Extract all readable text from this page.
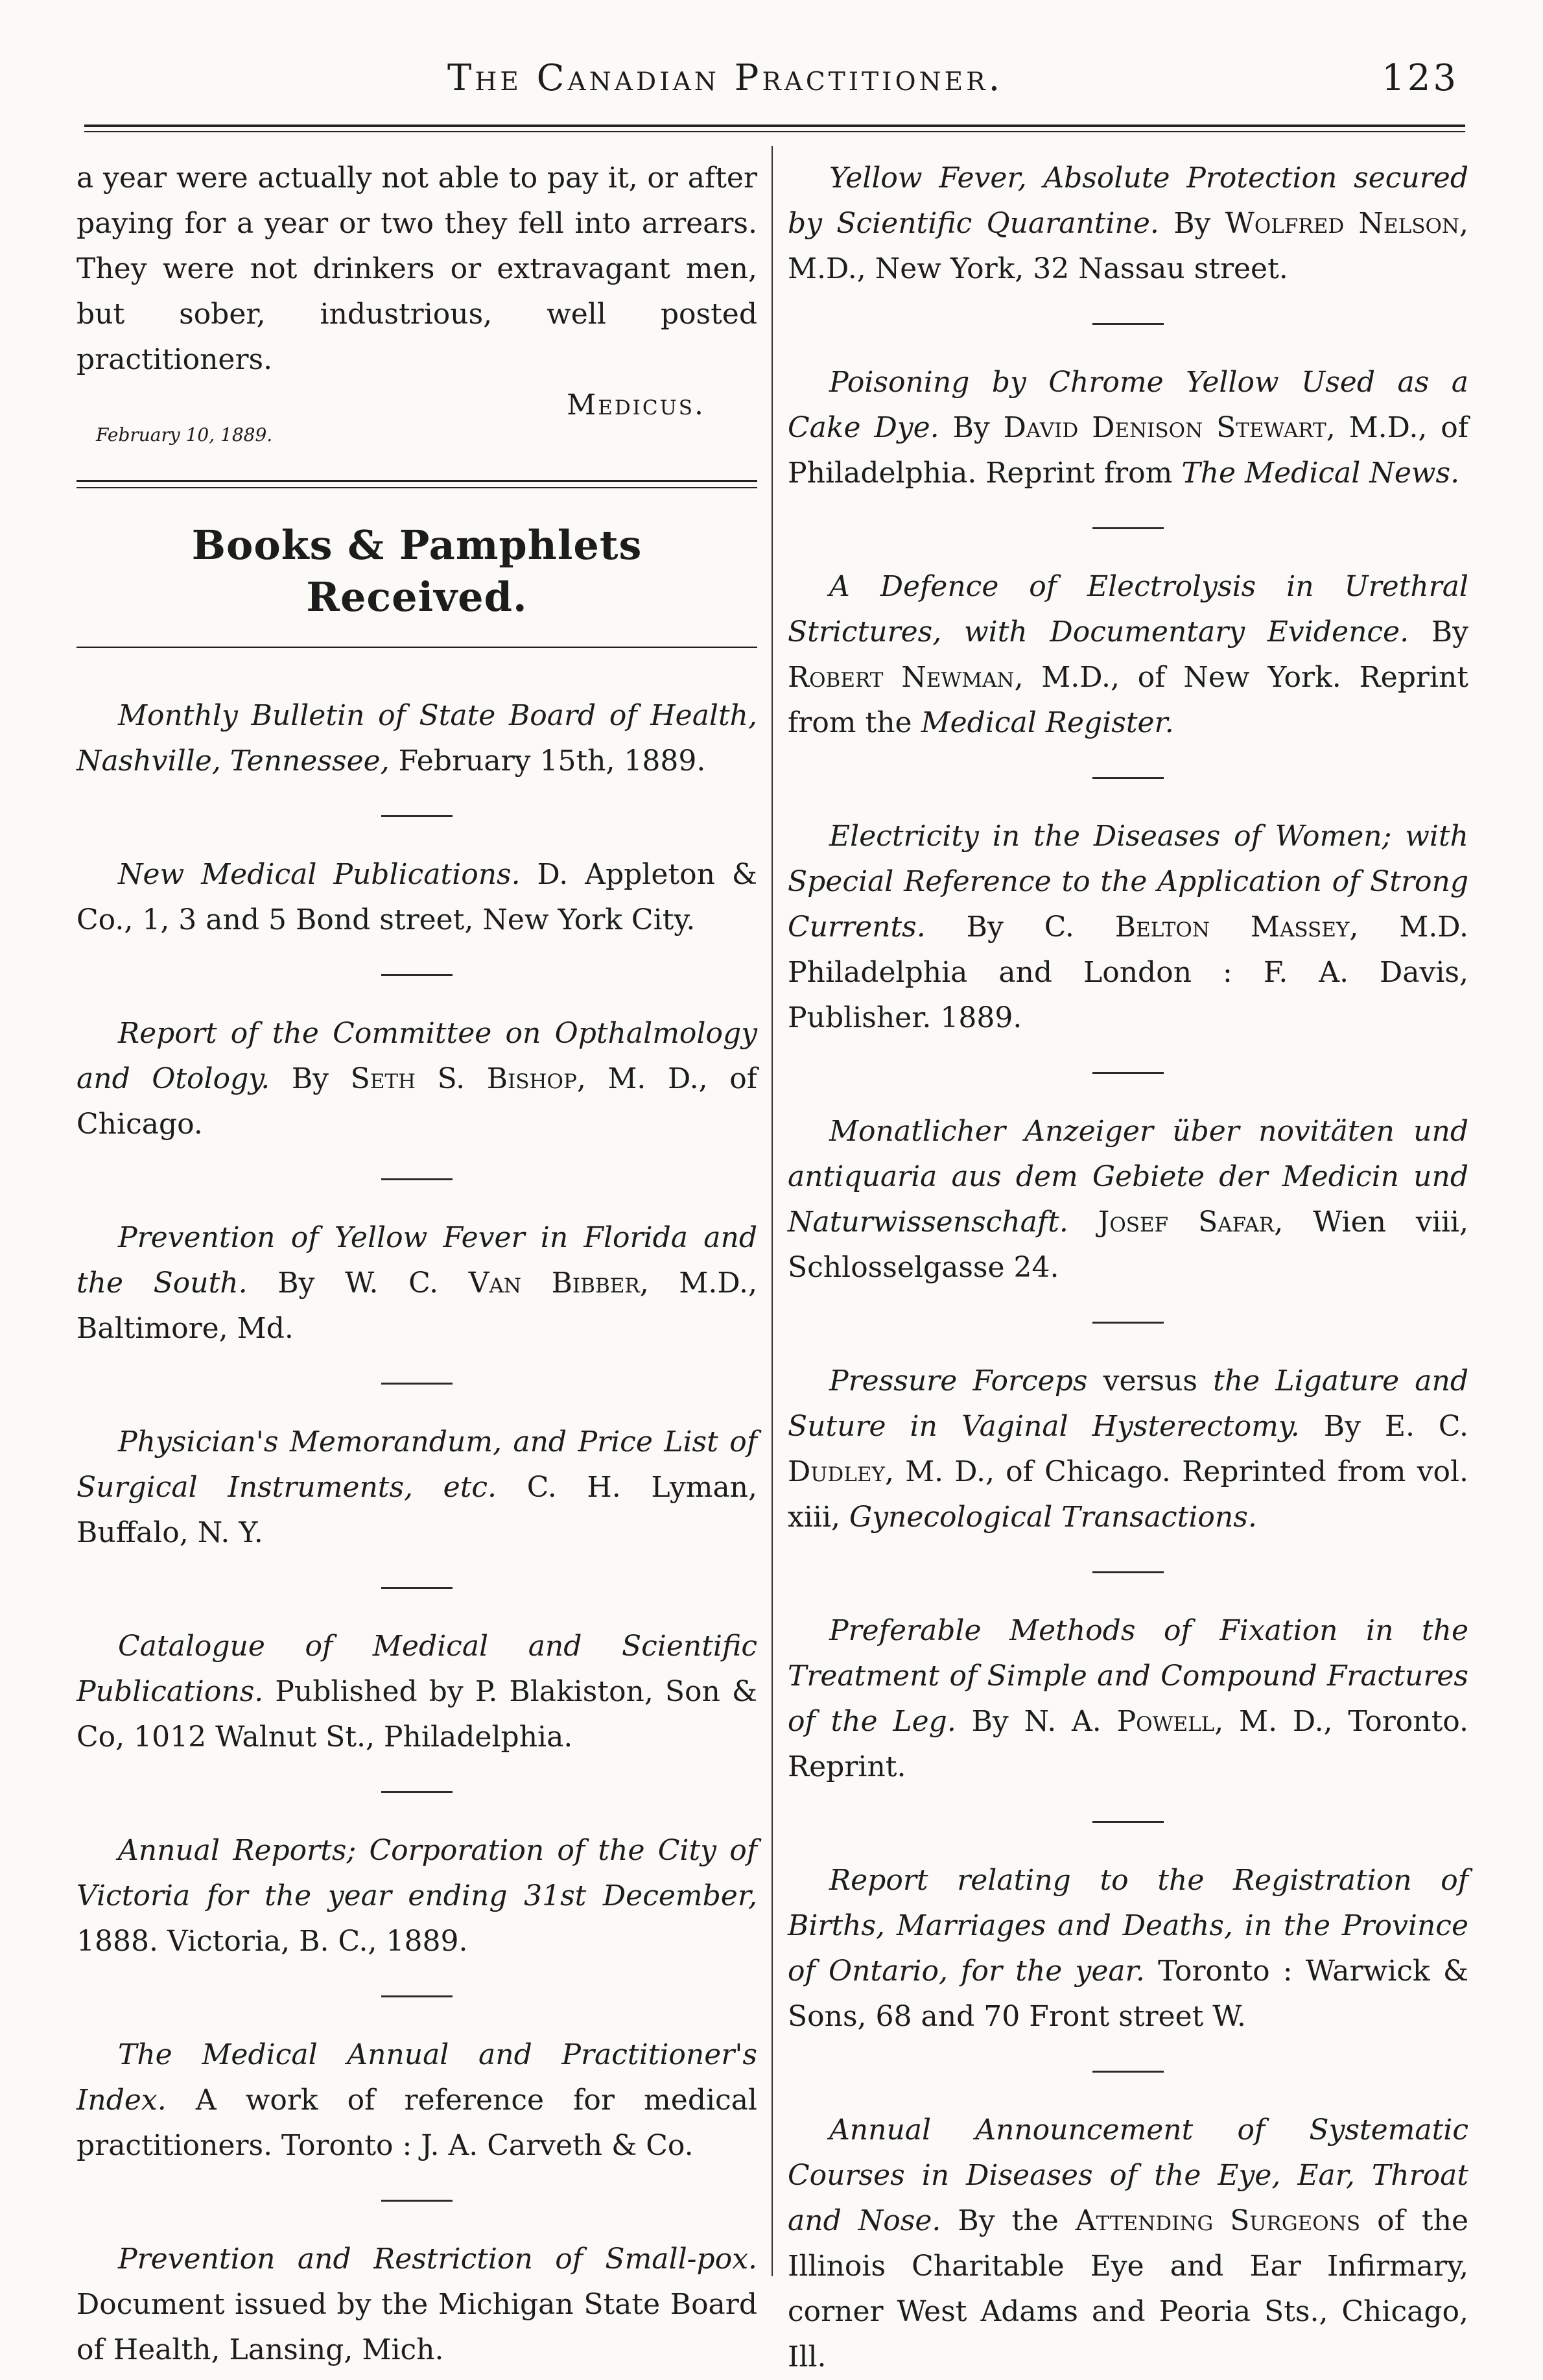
The Canadian Practitioner.	123

a year were actually not able to pay it, or after paying for a year or two they fell into arrears. They were not drinkers or extravagant men, but sober, industrious, well posted practitioners.

Medicus.

February 10, 1889.

Books & Pamphlets Received.

Monthly Bulletin of State Board of Health, Nashville, Tennessee, February 15th, 1889.

New Medical Publications. D. Appleton & Co., 1, 3 and 5 Bond street, New York City.

Report of the Committee on Opthalmology and Otology. By Seth S. Bishop, M. D., of Chicago.

Prevention of Yellow Fever in Florida and the South. By W. C. Van Bibber, M.D., Baltimore, Md.

Physician's Memorandum, and Price List of Surgical Instruments, etc. C. H. Lyman, Buffalo, N. Y.

Catalogue of Medical and Scientific Publications. Published by P. Blakiston, Son & Co, 1012 Walnut St., Philadelphia.

Annual Reports; Corporation of the City of Victoria for the year ending 31st December, 1888. Victoria, B. C., 1889.

The Medical Annual and Practitioner's Index. A work of reference for medical practitioners. Toronto : J. A. Carveth & Co.

Prevention and Restriction of Small-pox. Document issued by the Michigan State Board of Health, Lansing, Mich.

Yellow Fever, Absolute Protection secured by Scientific Quarantine. By Wolfred Nelson, M.D., New York, 32 Nassau street.

Poisoning by Chrome Yellow Used as a Cake Dye. By David Denison Stewart, M.D., of Philadelphia. Reprint from The Medical News.

A Defence of Electrolysis in Urethral Strictures, with Documentary Evidence. By Robert Newman, M.D., of New York. Reprint from the Medical Register.

Electricity in the Diseases of Women; with Special Reference to the Application of Strong Currents. By C. Belton Massey, M.D. Philadelphia and London : F. A. Davis, Publisher. 1889.

Monatlicher Anzeiger über novitäten und antiquaria aus dem Gebiete der Medicin und Naturwissenschaft. Josef Safar, Wien viii, Schlosselgasse 24.

Pressure Forceps versus the Ligature and Suture in Vaginal Hysterectomy. By E. C. Dudley, M. D., of Chicago. Reprinted from vol. xiii, Gynecological Transactions.

Preferable Methods of Fixation in the Treatment of Simple and Compound Fractures of the Leg. By N. A. Powell, M. D., Toronto. Reprint.

Report relating to the Registration of Births, Marriages and Deaths, in the Province of Ontario, for the year. Toronto : Warwick & Sons, 68 and 70 Front street W.

Annual Announcement of Systematic Courses in Diseases of the Eye, Ear, Throat and Nose. By the Attending Surgeons of the Illinois Charitable Eye and Ear Infirmary, corner West Adams and Peoria Sts., Chicago, Ill.
